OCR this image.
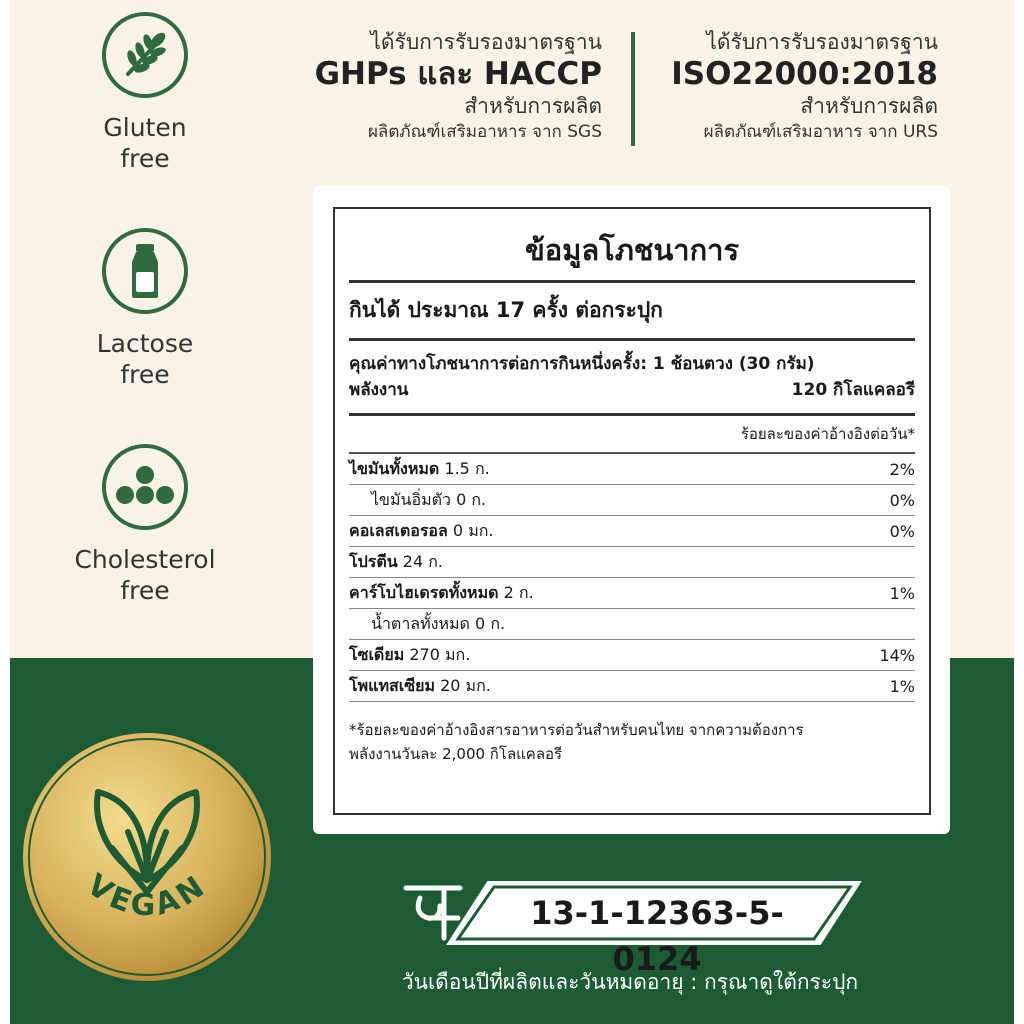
Gluten
free
Lactose
free
Cholesterol
free
ได้รับการรับรองมาตรฐาน
GHPs และ HACCP
สำหรับการผลิต
ผลิตภัณฑ์เสริมอาหาร จาก SGS
ได้รับการรับรองมาตรฐาน
ISO22000:2018
สำหรับการผลิต
ผลิตภัณฑ์เสริมอาหาร จาก URS
ข้อมูลโภชนาการ
กินได้ ประมาณ 17 ครั้ง ต่อกระปุก
คุณค่าทางโภชนาการต่อการกินหนึ่งครั้ง: 1 ช้อนตวง (30 กรัม)
พลังงาน	120 กิโลแคลอรี
ร้อยละของค่าอ้างอิงต่อวัน*
ไขมันทั้งหมด 1.5 ก.	2%
ไขมันอิ่มตัว 0 ก.	0%
คอเลสเตอรอล 0 มก.	0%
โปรตีน 24 ก.
คาร์โบไฮเดรตทั้งหมด 2 ก.	1%
น้ำตาลทั้งหมด 0 ก.
โซเดียม 270 มก.	14%
โพแทสเซียม 20 มก.	1%
*ร้อยละของค่าอ้างอิงสารอาหารต่อวันสำหรับคนไทย จากความต้องการ
พลังงานวันละ 2,000 กิโลแคลอรี
VEGAN
13-1-12363-5-0124
วันเดือนปีที่ผลิตและวันหมดอายุ : กรุณาดูใต้กระปุก
